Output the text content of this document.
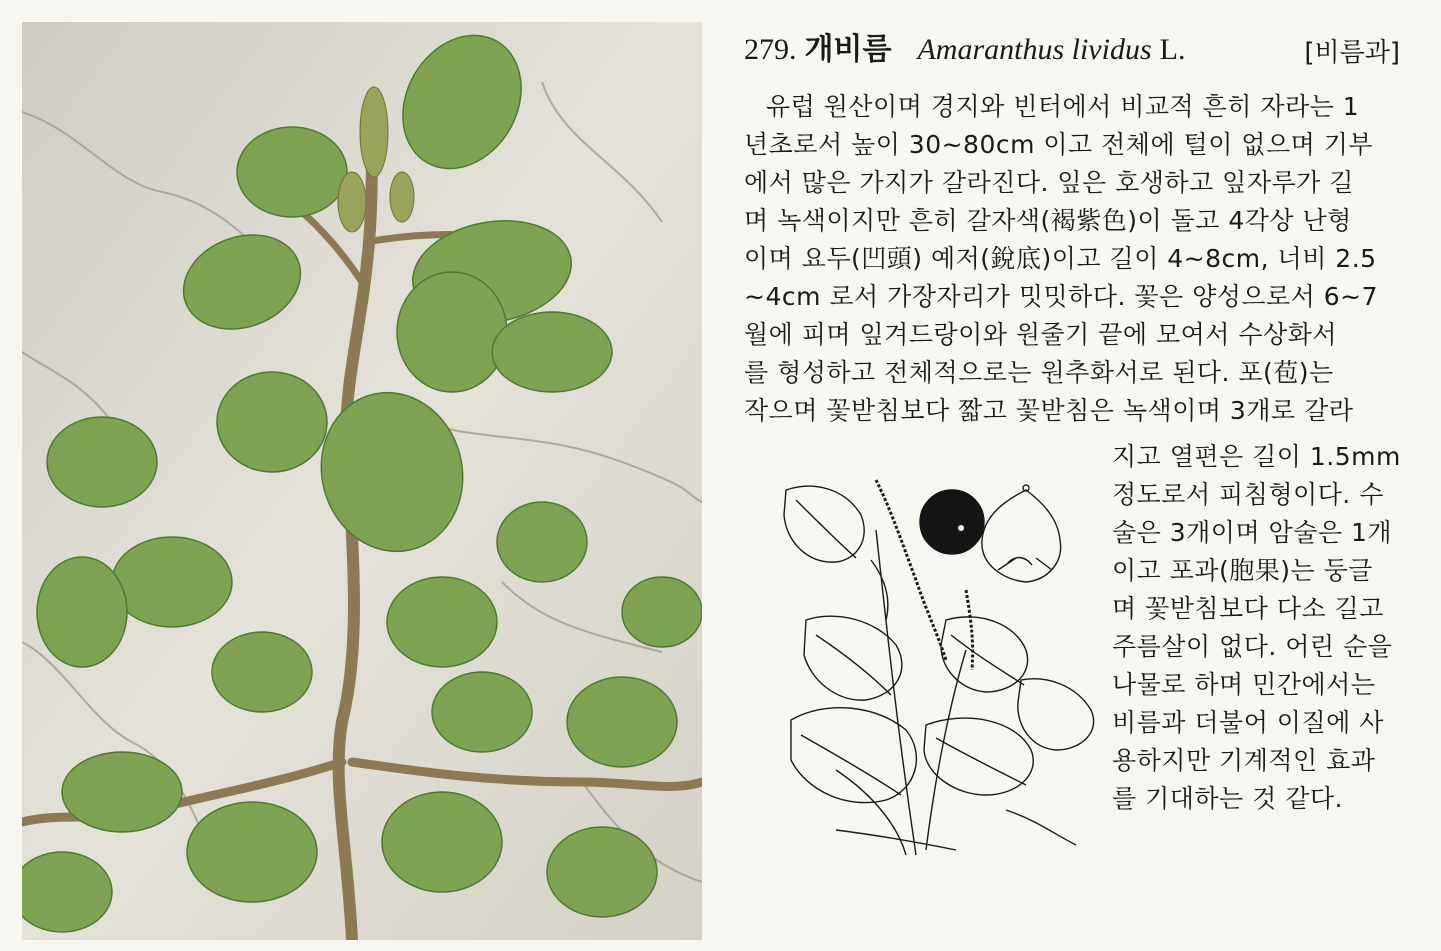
279. 개비름 Amaranthus lividus L.	[비름과]
유럽 원산이며 경지와 빈터에서 비교적 흔히 자라는 1
년초로서 높이 30~80cm 이고 전체에 털이 없으며 기부
에서 많은 가지가 갈라진다. 잎은 호생하고 잎자루가 길
며 녹색이지만 흔히 갈자색(褐紫色)이 돌고 4각상 난형
이며 요두(凹頭) 예저(銳底)이고 길이 4~8cm, 너비 2.5
~4cm 로서 가장자리가 밋밋하다. 꽃은 양성으로서 6~7
월에 피며 잎겨드랑이와 원줄기 끝에 모여서 수상화서
를 형성하고 전체적으로는 원추화서로 된다. 포(苞)는
작으며 꽃받침보다 짧고 꽃받침은 녹색이며 3개로 갈라
지고 열편은 길이 1.5mm
정도로서 피침형이다. 수
술은 3개이며 암술은 1개
이고 포과(胞果)는 둥글
며 꽃받침보다 다소 길고
주름살이 없다. 어린 순을
나물로 하며 민간에서는
비름과 더불어 이질에 사
용하지만 기계적인 효과
를 기대하는 것 같다.
